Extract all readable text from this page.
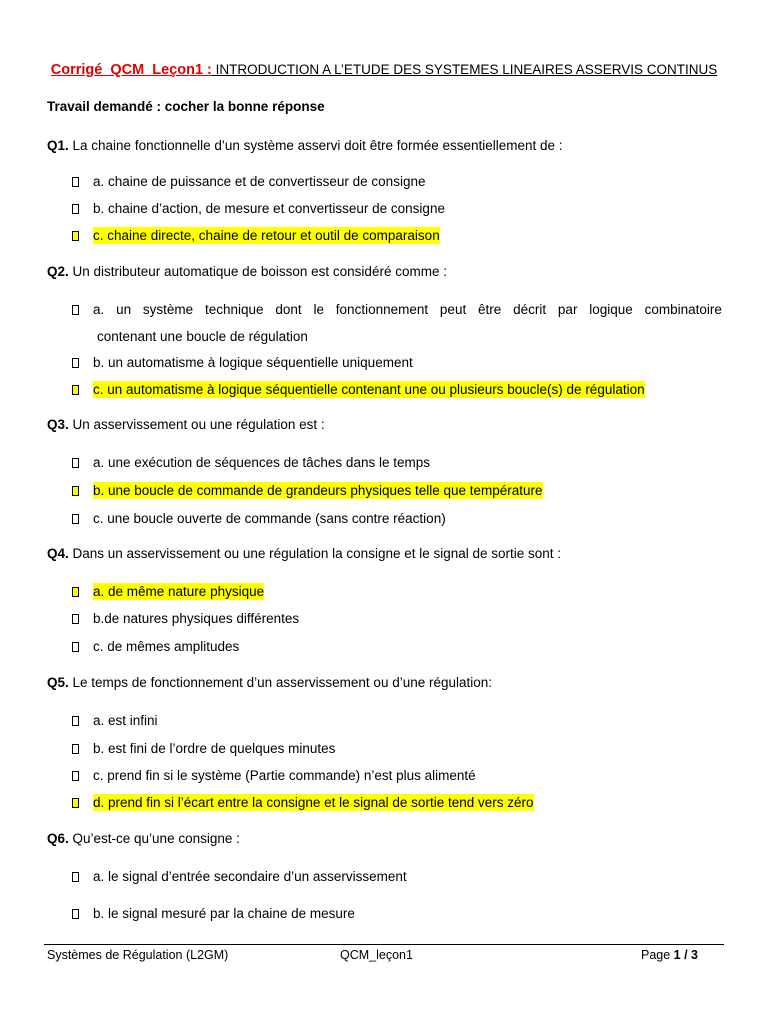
Corrigé_QCM_Leçon1 : INTRODUCTION A L’ETUDE DES SYSTEMES LINEAIRES ASSERVIS CONTINUS
Travail demandé : cocher la bonne réponse
Q1. La chaine fonctionnelle d’un système asservi doit être formée essentiellement de :
a. chaine de puissance et de convertisseur de consigne
b. chaine d’action, de mesure et convertisseur de consigne
c. chaine directe, chaine de retour et outil de comparaison
Q2. Un distributeur automatique de boisson est considéré comme :
a. un système technique dont le fonctionnement peut être décrit par logique combinatoire
contenant une boucle de régulation
b. un automatisme à logique séquentielle uniquement
c. un automatisme à logique séquentielle contenant une ou plusieurs boucle(s) de régulation
Q3. Un asservissement ou une régulation est :
a. une exécution de séquences de tâches dans le temps
b. une boucle de commande de grandeurs physiques telle que température
c. une boucle ouverte de commande (sans contre réaction)
Q4. Dans un asservissement ou une régulation la consigne et le signal de sortie sont :
a. de même nature physique
b.de natures physiques différentes
c. de mêmes amplitudes
Q5. Le temps de fonctionnement d’un asservissement ou d’une régulation:
a. est infini
b. est fini de l’ordre de quelques minutes
c. prend fin si le système (Partie commande) n’est plus alimenté
d. prend fin si l’écart entre la consigne et le signal de sortie tend vers zéro
Q6. Qu’est-ce qu’une consigne :
a. le signal d’entrée secondaire d’un asservissement
b. le signal mesuré par la chaine de mesure
Systèmes de Régulation (L2GM)	QCM_leçon1	Page 1 / 3
